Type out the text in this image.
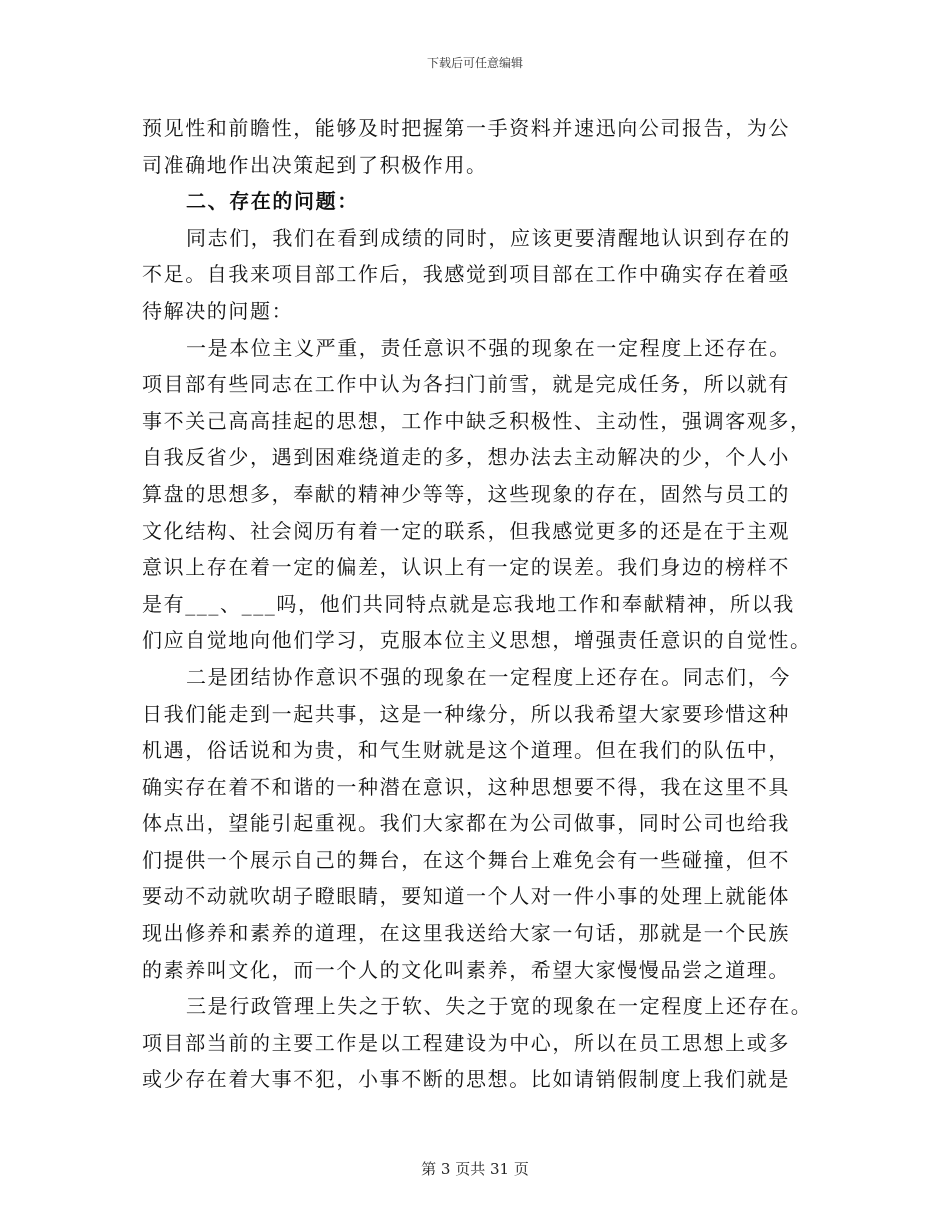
下载后可任意编辑
预见性和前瞻性，能够及时把握第一手资料并速迅向公司报告，为公
司准确地作出决策起到了积极作用。
二、存在的问题：
同志们，我们在看到成绩的同时，应该更要清醒地认识到存在的
不足。自我来项目部工作后，我感觉到项目部在工作中确实存在着亟
待解决的问题：
一是本位主义严重，责任意识不强的现象在一定程度上还存在。
项目部有些同志在工作中认为各扫门前雪，就是完成任务，所以就有
事不关己高高挂起的思想，工作中缺乏积极性、主动性，强调客观多，
自我反省少，遇到困难绕道走的多，想办法去主动解决的少，个人小
算盘的思想多，奉献的精神少等等，这些现象的存在，固然与员工的
文化结构、社会阅历有着一定的联系，但我感觉更多的还是在于主观
意识上存在着一定的偏差，认识上有一定的误差。我们身边的榜样不
是有___、___吗，他们共同特点就是忘我地工作和奉献精神，所以我
们应自觉地向他们学习，克服本位主义思想，增强责任意识的自觉性。
二是团结协作意识不强的现象在一定程度上还存在。同志们，今
日我们能走到一起共事，这是一种缘分，所以我希望大家要珍惜这种
机遇，俗话说和为贵，和气生财就是这个道理。但在我们的队伍中，
确实存在着不和谐的一种潜在意识，这种思想要不得，我在这里不具
体点出，望能引起重视。我们大家都在为公司做事，同时公司也给我
们提供一个展示自己的舞台，在这个舞台上难免会有一些碰撞，但不
要动不动就吹胡子瞪眼睛，要知道一个人对一件小事的处理上就能体
现出修养和素养的道理，在这里我送给大家一句话，那就是一个民族
的素养叫文化，而一个人的文化叫素养，希望大家慢慢品尝之道理。
三是行政管理上失之于软、失之于宽的现象在一定程度上还存在。
项目部当前的主要工作是以工程建设为中心，所以在员工思想上或多
或少存在着大事不犯，小事不断的思想。比如请销假制度上我们就是
第 3 页共 31 页
